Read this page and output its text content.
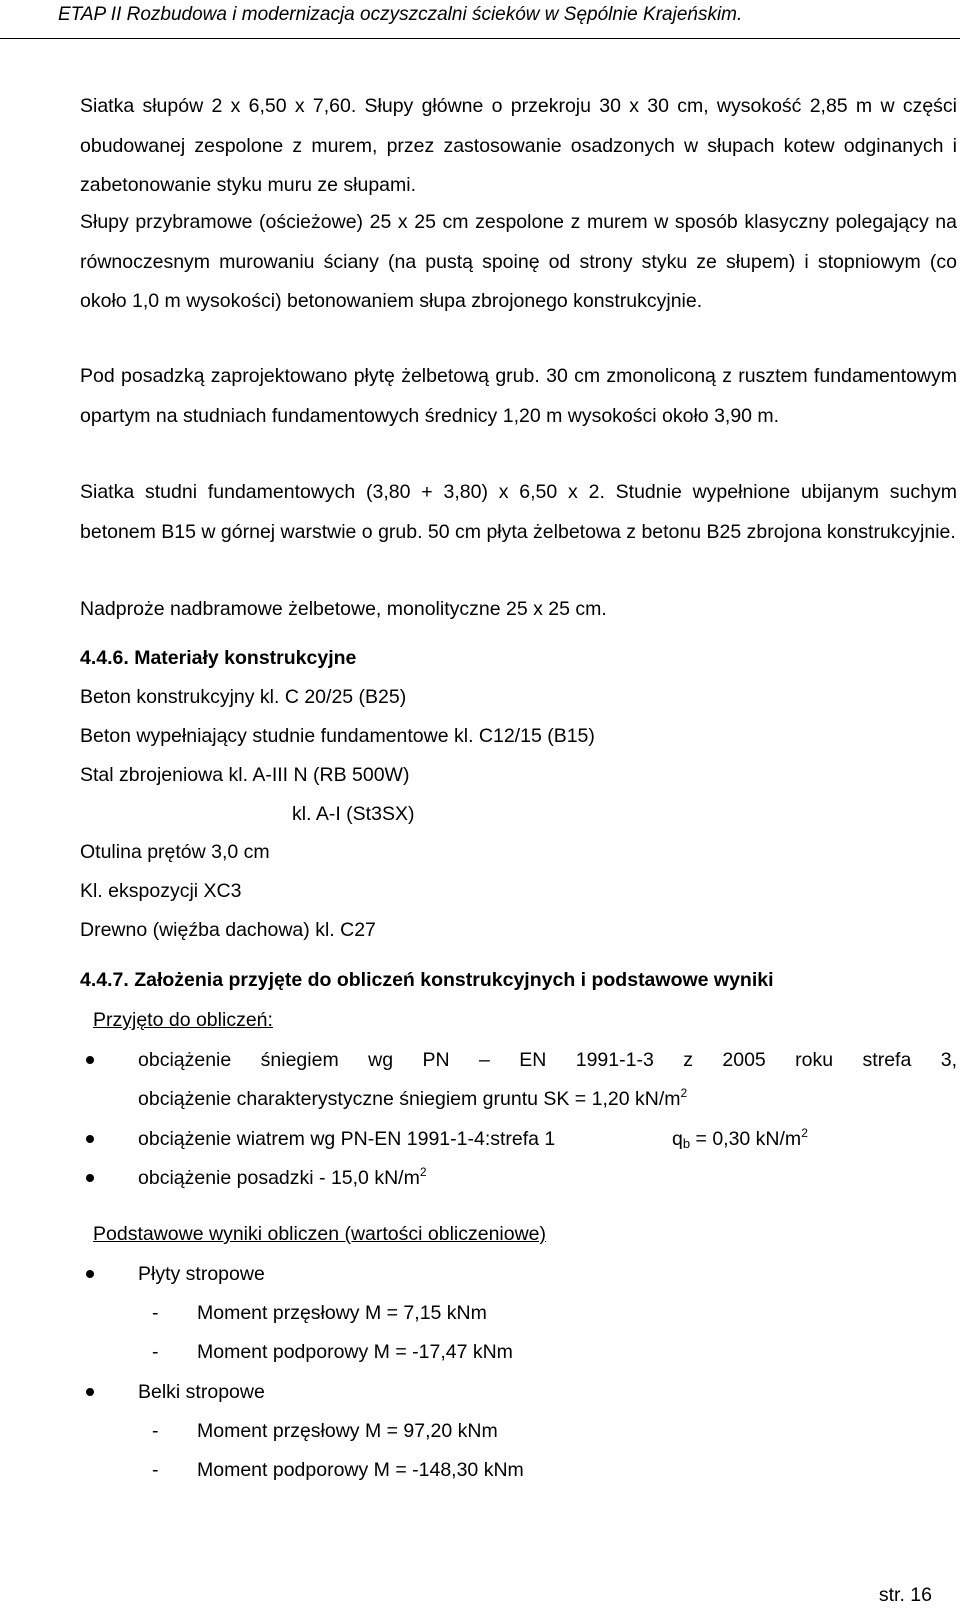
ETAP II Rozbudowa i modernizacja oczyszczalni ścieków w Sępólnie Krajeńskim.
Siatka słupów 2 x 6,50 x 7,60. Słupy główne o przekroju 30 x 30 cm, wysokość 2,85 m w części obudowanej zespolone z murem, przez zastosowanie osadzonych w słupach kotew odginanych i zabetonowanie styku muru ze słupami.
Słupy przybramowe (ościeżowe) 25 x 25 cm zespolone z murem w sposób klasyczny polegający na równoczesnym murowaniu ściany (na pustą spoinę od strony styku ze słupem) i stopniowym (co około 1,0 m wysokości) betonowaniem słupa zbrojonego konstrukcyjnie.
Pod posadzką zaprojektowano płytę żelbetową grub. 30 cm zmonoliconą z rusztem fundamentowym opartym na studniach fundamentowych średnicy 1,20 m wysokości około 3,90 m.
Siatka studni fundamentowych (3,80 + 3,80) x 6,50 x 2. Studnie wypełnione ubijanym suchym betonem B15 w górnej warstwie o grub. 50 cm płyta żelbetowa z betonu B25 zbrojona konstrukcyjnie.
Nadproże nadbramowe żelbetowe, monolityczne 25 x 25 cm.
4.4.6. Materiały konstrukcyjne
Beton konstrukcyjny kl. C 20/25 (B25)
Beton wypełniający studnie fundamentowe kl. C12/15 (B15)
Stal zbrojeniowa kl. A-III N (RB 500W)
kl. A-I (St3SX)
Otulina prętów 3,0 cm
Kl. ekspozycji XC3
Drewno (więźba dachowa) kl. C27
4.4.7. Założenia przyjęte do obliczeń konstrukcyjnych i podstawowe wyniki
Przyjęto do obliczeń:
obciążenie śniegiem wg PN – EN 1991-1-3 z 2005 roku strefa 3,
obciążenie charakterystyczne śniegiem gruntu SK = 1,20 $kN/m^2$
obciążenie wiatrem wg PN-EN 1991-1-4:strefa 1	$q_b = 0,30$ $kN/m^2$
obciążenie posadzki - 15,0 $kN/m^2$
Podstawowe wyniki obliczen (wartości obliczeniowe)
Płyty stropowe
- Moment przęsłowy M = 7,15 kNm
- Moment podporowy M = -17,47 kNm
Belki stropowe
- Moment przęsłowy M = 97,20 kNm
- Moment podporowy M = -148,30 kNm
str. 16
